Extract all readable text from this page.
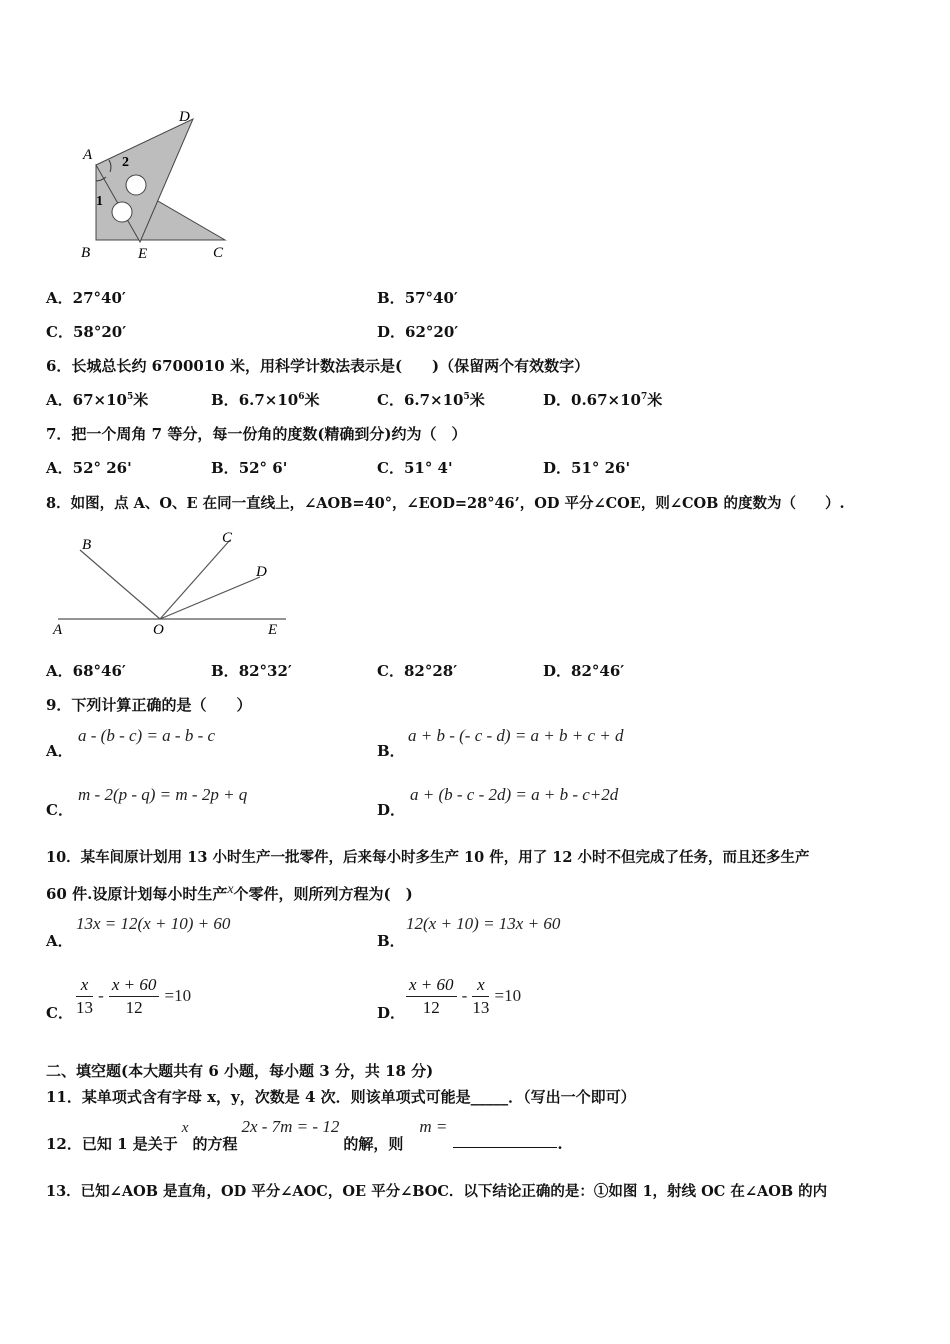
A
D
B	E	C
2
1
A．27°40′	B．57°40′
C．58°20′	D．62°20′
6．长城总长约 6700010 米，用科学计数法表示是(　　)（保留两个有效数字）
A．$67\times 10^5$米	B．$6.7\times 10^6$米	C．$6.7\times 10^5$米	D．$0.67\times 10^7$米
7．把一个周角 7 等分，每一份角的度数(精确到分)约为（　）
A．52° 26'	B．52° 6'	C．51° 4'	D．51° 26'
8．如图，点 A、O、E 在同一直线上，∠AOB=40°，∠EOD=28°46’，OD 平分∠COE，则∠COB 的度数为（　　）.
B	C
D
A	O	E
A．68°46′	B．82°32′	C．82°28′	D．82°46′
9．下列计算正确的是（　　）
A．
a - (b - c) = a - b - c
B．
a + b - (- c - d) = a + b + c + d
C．
m - 2(p - q) = m - 2p + q
D．
a + (b - c - 2d) = a + b - c+2d
10．某车间原计划用 13 小时生产一批零件，后来每小时多生产 10 件，用了 12 小时不但完成了任务，而且还多生产
60 件.设原计划每小时生产x个零件，则所列方程为(　)
A．
13x = 12(x + 10) + 60
B．
12(x + 10) = 13x + 60
C． $\frac{x}{13} - \frac{x + 60}{12} =10$
D． $\frac{x + 60}{12} - \frac{x}{13} =10$
二、填空题(本大题共有 6 小题，每小题 3 分，共 18 分)
11．某单项式含有字母 x，y，次数是 4 次．则该单项式可能是_____．（写出一个即可）
12．已知 1 是关于x的方程2x - 7m = - 12的解，则m =.
13．已知∠AOB 是直角，OD 平分∠AOC，OE 平分∠BOC．以下结论正确的是：①如图 1，射线 OC 在∠AOB 的内
